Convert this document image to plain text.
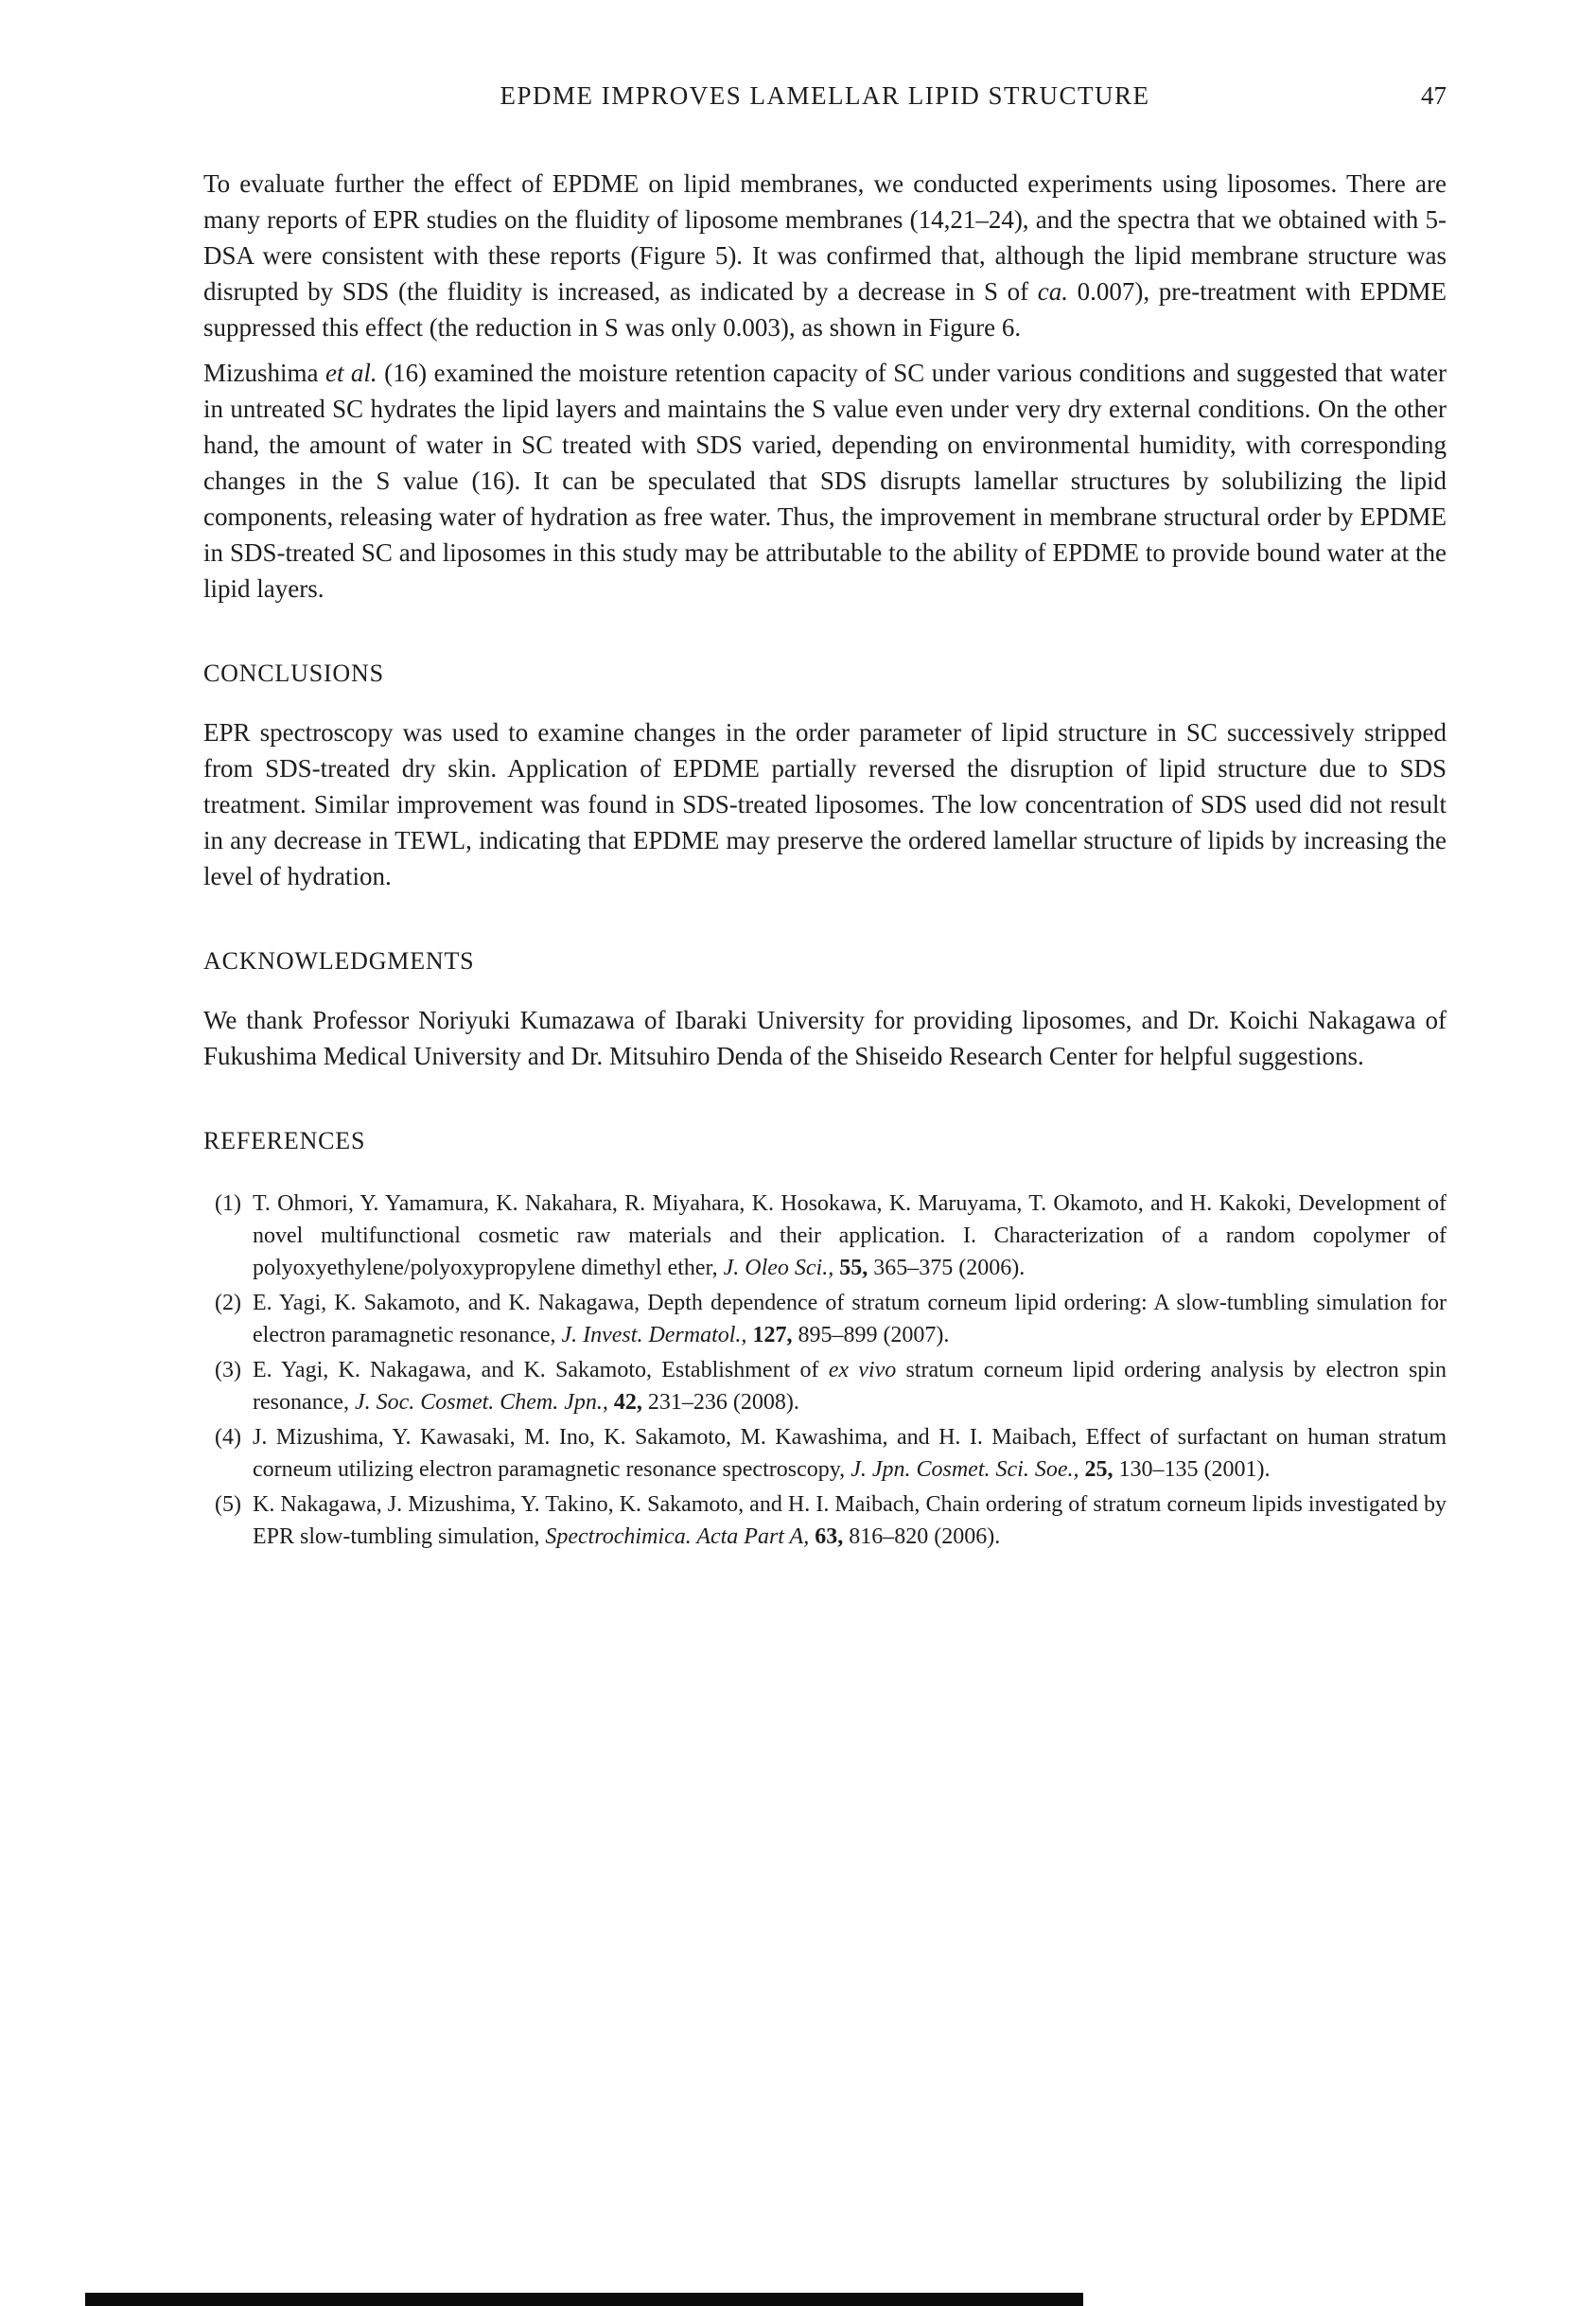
EPDME IMPROVES LAMELLAR LIPID STRUCTURE	47

To evaluate further the effect of EPDME on lipid membranes, we conducted experiments using liposomes. There are many reports of EPR studies on the fluidity of liposome membranes (14,21–24), and the spectra that we obtained with 5-DSA were consistent with these reports (Figure 5). It was confirmed that, although the lipid membrane structure was disrupted by SDS (the fluidity is increased, as indicated by a decrease in S of ca. 0.007), pre-treatment with EPDME suppressed this effect (the reduction in S was only 0.003), as shown in Figure 6.

Mizushima et al. (16) examined the moisture retention capacity of SC under various conditions and suggested that water in untreated SC hydrates the lipid layers and maintains the S value even under very dry external conditions. On the other hand, the amount of water in SC treated with SDS varied, depending on environmental humidity, with corresponding changes in the S value (16). It can be speculated that SDS disrupts lamellar structures by solubilizing the lipid components, releasing water of hydration as free water. Thus, the improvement in membrane structural order by EPDME in SDS-treated SC and liposomes in this study may be attributable to the ability of EPDME to provide bound water at the lipid layers.

CONCLUSIONS

EPR spectroscopy was used to examine changes in the order parameter of lipid structure in SC successively stripped from SDS-treated dry skin. Application of EPDME partially reversed the disruption of lipid structure due to SDS treatment. Similar improvement was found in SDS-treated liposomes. The low concentration of SDS used did not result in any decrease in TEWL, indicating that EPDME may preserve the ordered lamellar structure of lipids by increasing the level of hydration.

ACKNOWLEDGMENTS

We thank Professor Noriyuki Kumazawa of Ibaraki University for providing liposomes, and Dr. Koichi Nakagawa of Fukushima Medical University and Dr. Mitsuhiro Denda of the Shiseido Research Center for helpful suggestions.

REFERENCES
(1) T. Ohmori, Y. Yamamura, K. Nakahara, R. Miyahara, K. Hosokawa, K. Maruyama, T. Okamoto, and H. Kakoki, Development of novel multifunctional cosmetic raw materials and their application. I. Characterization of a random copolymer of polyoxyethylene/polyoxypropylene dimethyl ether, J. Oleo Sci., 55, 365–375 (2006).
(2) E. Yagi, K. Sakamoto, and K. Nakagawa, Depth dependence of stratum corneum lipid ordering: A slow-tumbling simulation for electron paramagnetic resonance, J. Invest. Dermatol., 127, 895–899 (2007).
(3) E. Yagi, K. Nakagawa, and K. Sakamoto, Establishment of ex vivo stratum corneum lipid ordering analysis by electron spin resonance, J. Soc. Cosmet. Chem. Jpn., 42, 231–236 (2008).
(4) J. Mizushima, Y. Kawasaki, M. Ino, K. Sakamoto, M. Kawashima, and H. I. Maibach, Effect of surfactant on human stratum corneum utilizing electron paramagnetic resonance spectroscopy, J. Jpn. Cosmet. Sci. Soe., 25, 130–135 (2001).
(5) K. Nakagawa, J. Mizushima, Y. Takino, K. Sakamoto, and H. I. Maibach, Chain ordering of stratum corneum lipids investigated by EPR slow-tumbling simulation, Spectrochimica. Acta Part A, 63, 816–820 (2006).
